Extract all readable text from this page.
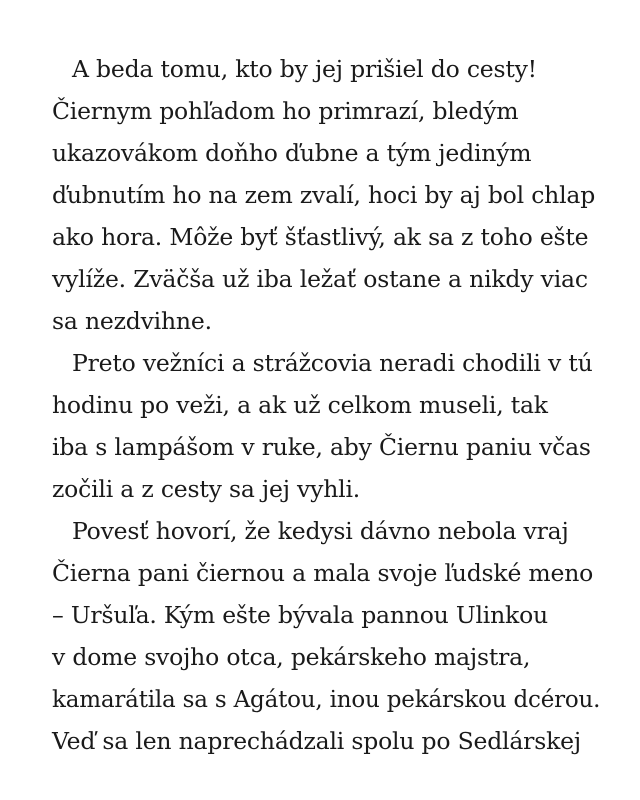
A beda tomu, kto by jej prišiel do cesty!
Čiernym pohľadom ho primrazí, bledým
ukazovákom doňho ďubne a tým jediným
ďubnutím ho na zem zvalí, hoci by aj bol chlap
ako hora. Môže byť šťastlivý, ak sa z toho ešte
vylíže. Zväčša už iba ležať ostane a nikdy viac
sa nezdvihne.
Preto vežníci a strážcovia neradi chodili v tú
hodinu po veži, a ak už celkom museli, tak
iba s lampášom v ruke, aby Čiernu paniu včas
zočili a z cesty sa jej vyhli.
Povesť hovorí, že kedysi dávno nebola vraj
Čierna pani čiernou a mala svoje ľudské meno
– Uršuľa. Kým ešte bývala pannou Ulinkou
v dome svojho otca, pekárskeho majstra,
kamarátila sa s Agátou, inou pekárskou dcérou.
Veď sa len naprechádzali spolu po Sedlárskej
